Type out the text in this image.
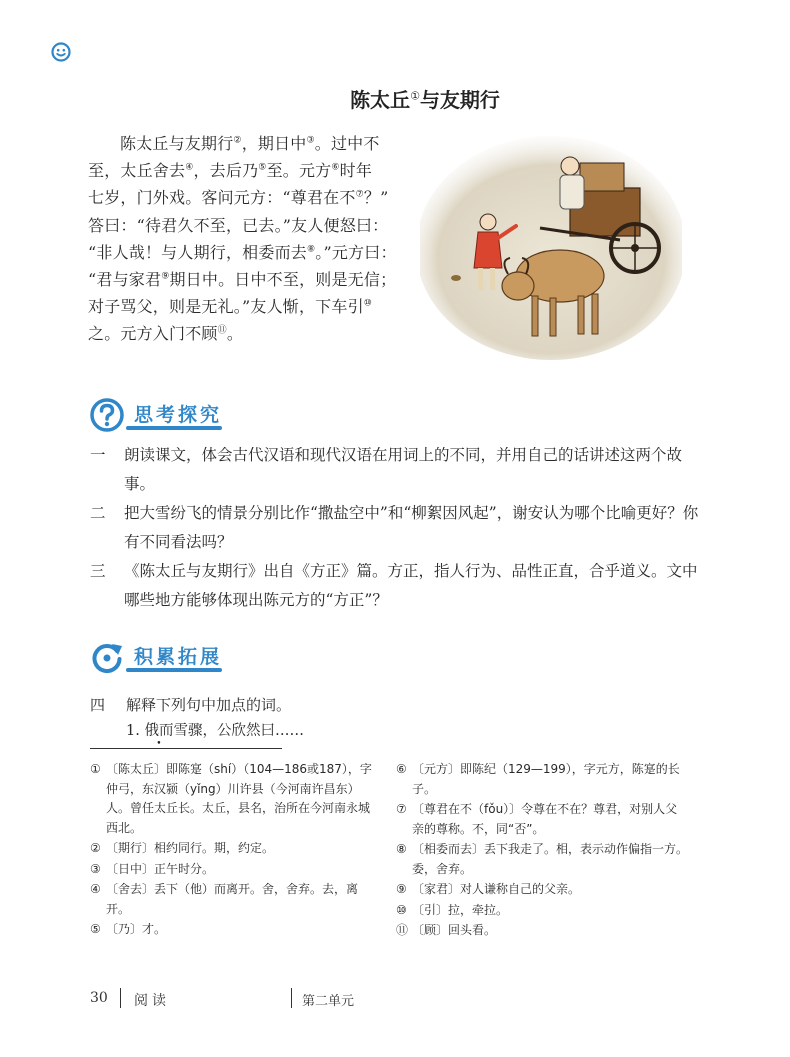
陈太丘①与友期行
陈太丘与友期行②，期日中③。过中不
至，太丘舍去④，去后乃⑤至。元方⑥时年
七岁，门外戏。客问元方：“尊君在不⑦？”
答曰：“待君久不至，已去。”友人便怒曰：
“非人哉！与人期行，相委而去⑧。”元方曰：
“君与家君⑨期日中。日中不至，则是无信；
对子骂父，则是无礼。”友人惭，下车引⑩
之。元方入门不顾⑪。
思考探究
一	朗读课文，体会古代汉语和现代汉语在用词上的不同，并用自己的话讲述这两个故事。
二	把大雪纷飞的情景分别比作“撒盐空中”和“柳絮因风起”，谢安认为哪个比喻更好？你有不同看法吗？
三	《陈太丘与友期行》出自《方正》篇。方正，指人行为、品性正直，合乎道义。文中哪些地方能够体现出陈元方的“方正”？
积累拓展
四	解释下列句中加点的词。
1. 俄而雪骤，公欣然曰……
① 〔陈太丘〕即陈寔（shí）（104—186或187），字仲弓，东汉颍（yǐng）川许县（今河南许昌东）人。曾任太丘长。太丘，县名，治所在今河南永城西北。
② 〔期行〕相约同行。期，约定。
③ 〔日中〕正午时分。
④ 〔舍去〕丢下（他）而离开。舍，舍弃。去，离开。
⑤ 〔乃〕才。
⑥ 〔元方〕即陈纪（129—199），字元方，陈寔的长子。
⑦ 〔尊君在不（fǒu）〕令尊在不在？尊君，对别人父亲的尊称。不，同“否”。
⑧ 〔相委而去〕丢下我走了。相，表示动作偏指一方。委，舍弃。
⑨ 〔家君〕对人谦称自己的父亲。
⑩ 〔引〕拉，牵拉。
⑪ 〔顾〕回头看。
30 阅读	第二单元
